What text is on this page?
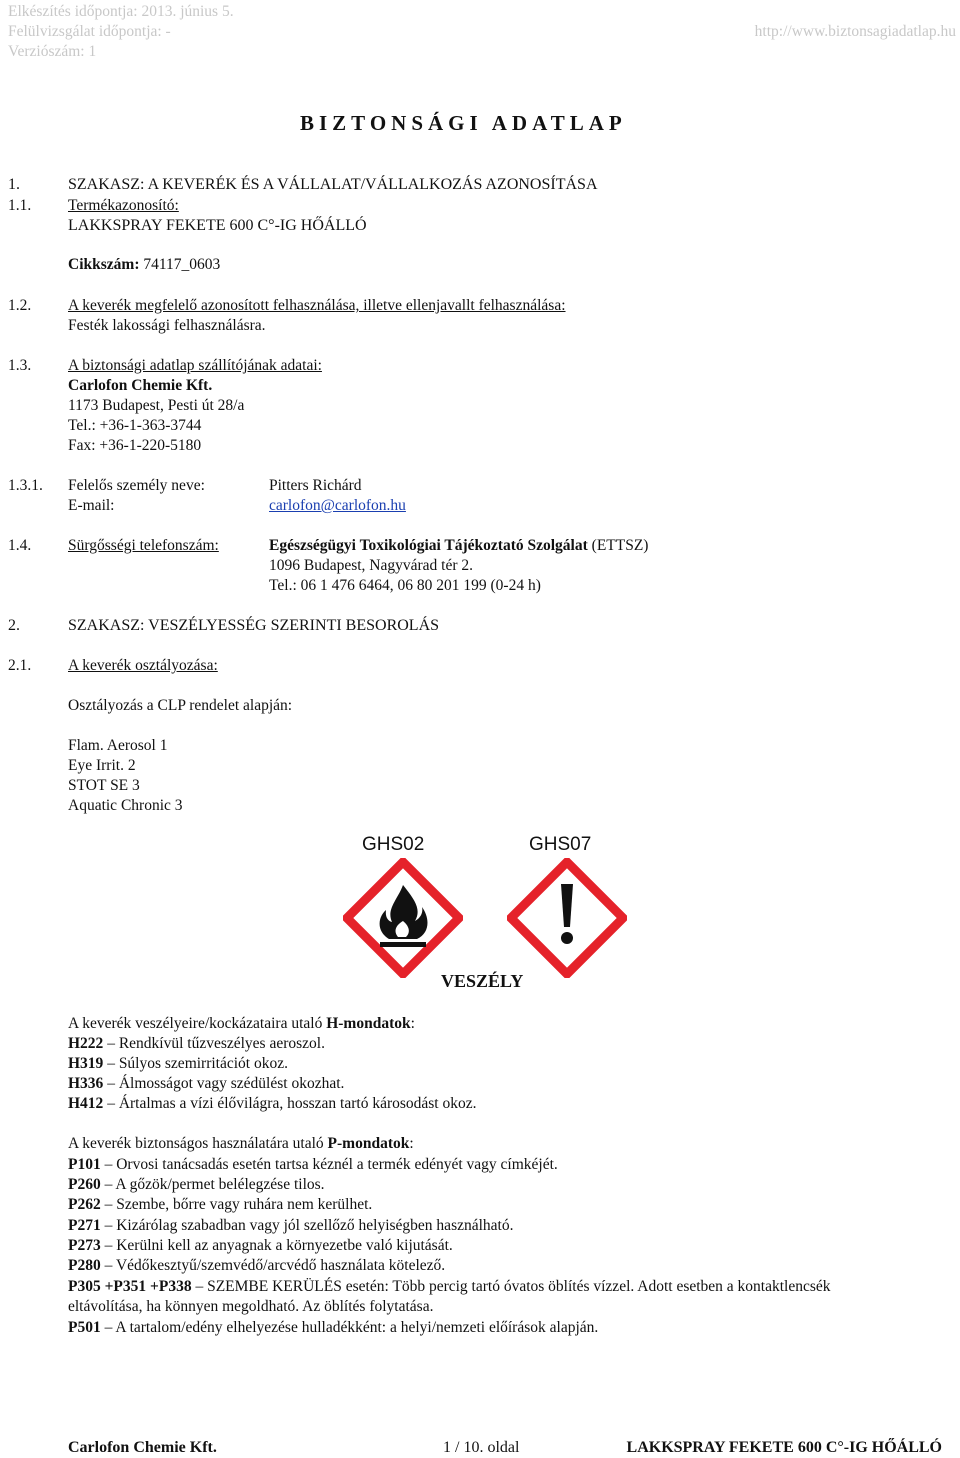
Elkészítés időpontja: 2013. június 5.
Felülvizsgálat időpontja: -
Verziószám: 1
http://www.biztonsagiadatlap.hu
BIZTONSÁGI ADATLAP
1.	SZAKASZ: A KEVERÉK ÉS A VÁLLALAT/VÁLLALKOZÁS AZONOSÍTÁSA
1.1. Termékazonosító:
LAKKSPRAY FEKETE 600 C°-IG HŐÁLLÓ
Cikkszám: 74117_0603
1.2. A keverék megfelelő azonosított felhasználása, illetve ellenjavallt felhasználása:
Festék lakossági felhasználásra.
1.3. A biztonsági adatlap szállítójának adatai:
Carlofon Chemie Kft.
1173 Budapest, Pesti út 28/a
Tel.: +36-1-363-3744
Fax: +36-1-220-5180
1.3.1. Felelős személy neve:	Pitters Richárd
E-mail:	carlofon@carlofon.hu
1.4. Sürgősségi telefonszám:	Egészségügyi Toxikológiai Tájékoztató Szolgálat (ETTSZ)
1096 Budapest, Nagyvárad tér 2.
Tel.: 06 1 476 6464, 06 80 201 199 (0-24 h)
2.	SZAKASZ: VESZÉLYESSÉG SZERINTI BESOROLÁS
2.1. A keverék osztályozása:
Osztályozás a CLP rendelet alapján:
Flam. Aerosol 1
Eye Irrit. 2
STOT SE 3
Aquatic Chronic 3
GHS02	GHS07
VESZÉLY
A keverék veszélyeire/kockázataira utaló H-mondatok:
H222 – Rendkívül tűzveszélyes aeroszol.
H319 – Súlyos szemirritációt okoz.
H336 – Álmosságot vagy szédülést okozhat.
H412 – Ártalmas a vízi élővilágra, hosszan tartó károsodást okoz.
A keverék biztonságos használatára utaló P-mondatok:
P101 – Orvosi tanácsadás esetén tartsa kéznél a termék edényét vagy címkéjét.
P260 – A gőzök/permet belélegzése tilos.
P262 – Szembe, bőrre vagy ruhára nem kerülhet.
P271 – Kizárólag szabadban vagy jól szellőző helyiségben használható.
P273 – Kerülni kell az anyagnak a környezetbe való kijutását.
P280 – Védőkesztyű/szemvédő/arcvédő használata kötelező.
P305 +P351 +P338 – SZEMBE KERÜLÉS esetén: Több percig tartó óvatos öblítés vízzel. Adott esetben a kontaktlencsék
eltávolítása, ha könnyen megoldható. Az öblítés folytatása.
P501 – A tartalom/edény elhelyezése hulladékként: a helyi/nemzeti előírások alapján.
Carlofon Chemie Kft.	1 / 10. oldal	LAKKSPRAY FEKETE 600 C°-IG HŐÁLLÓ
